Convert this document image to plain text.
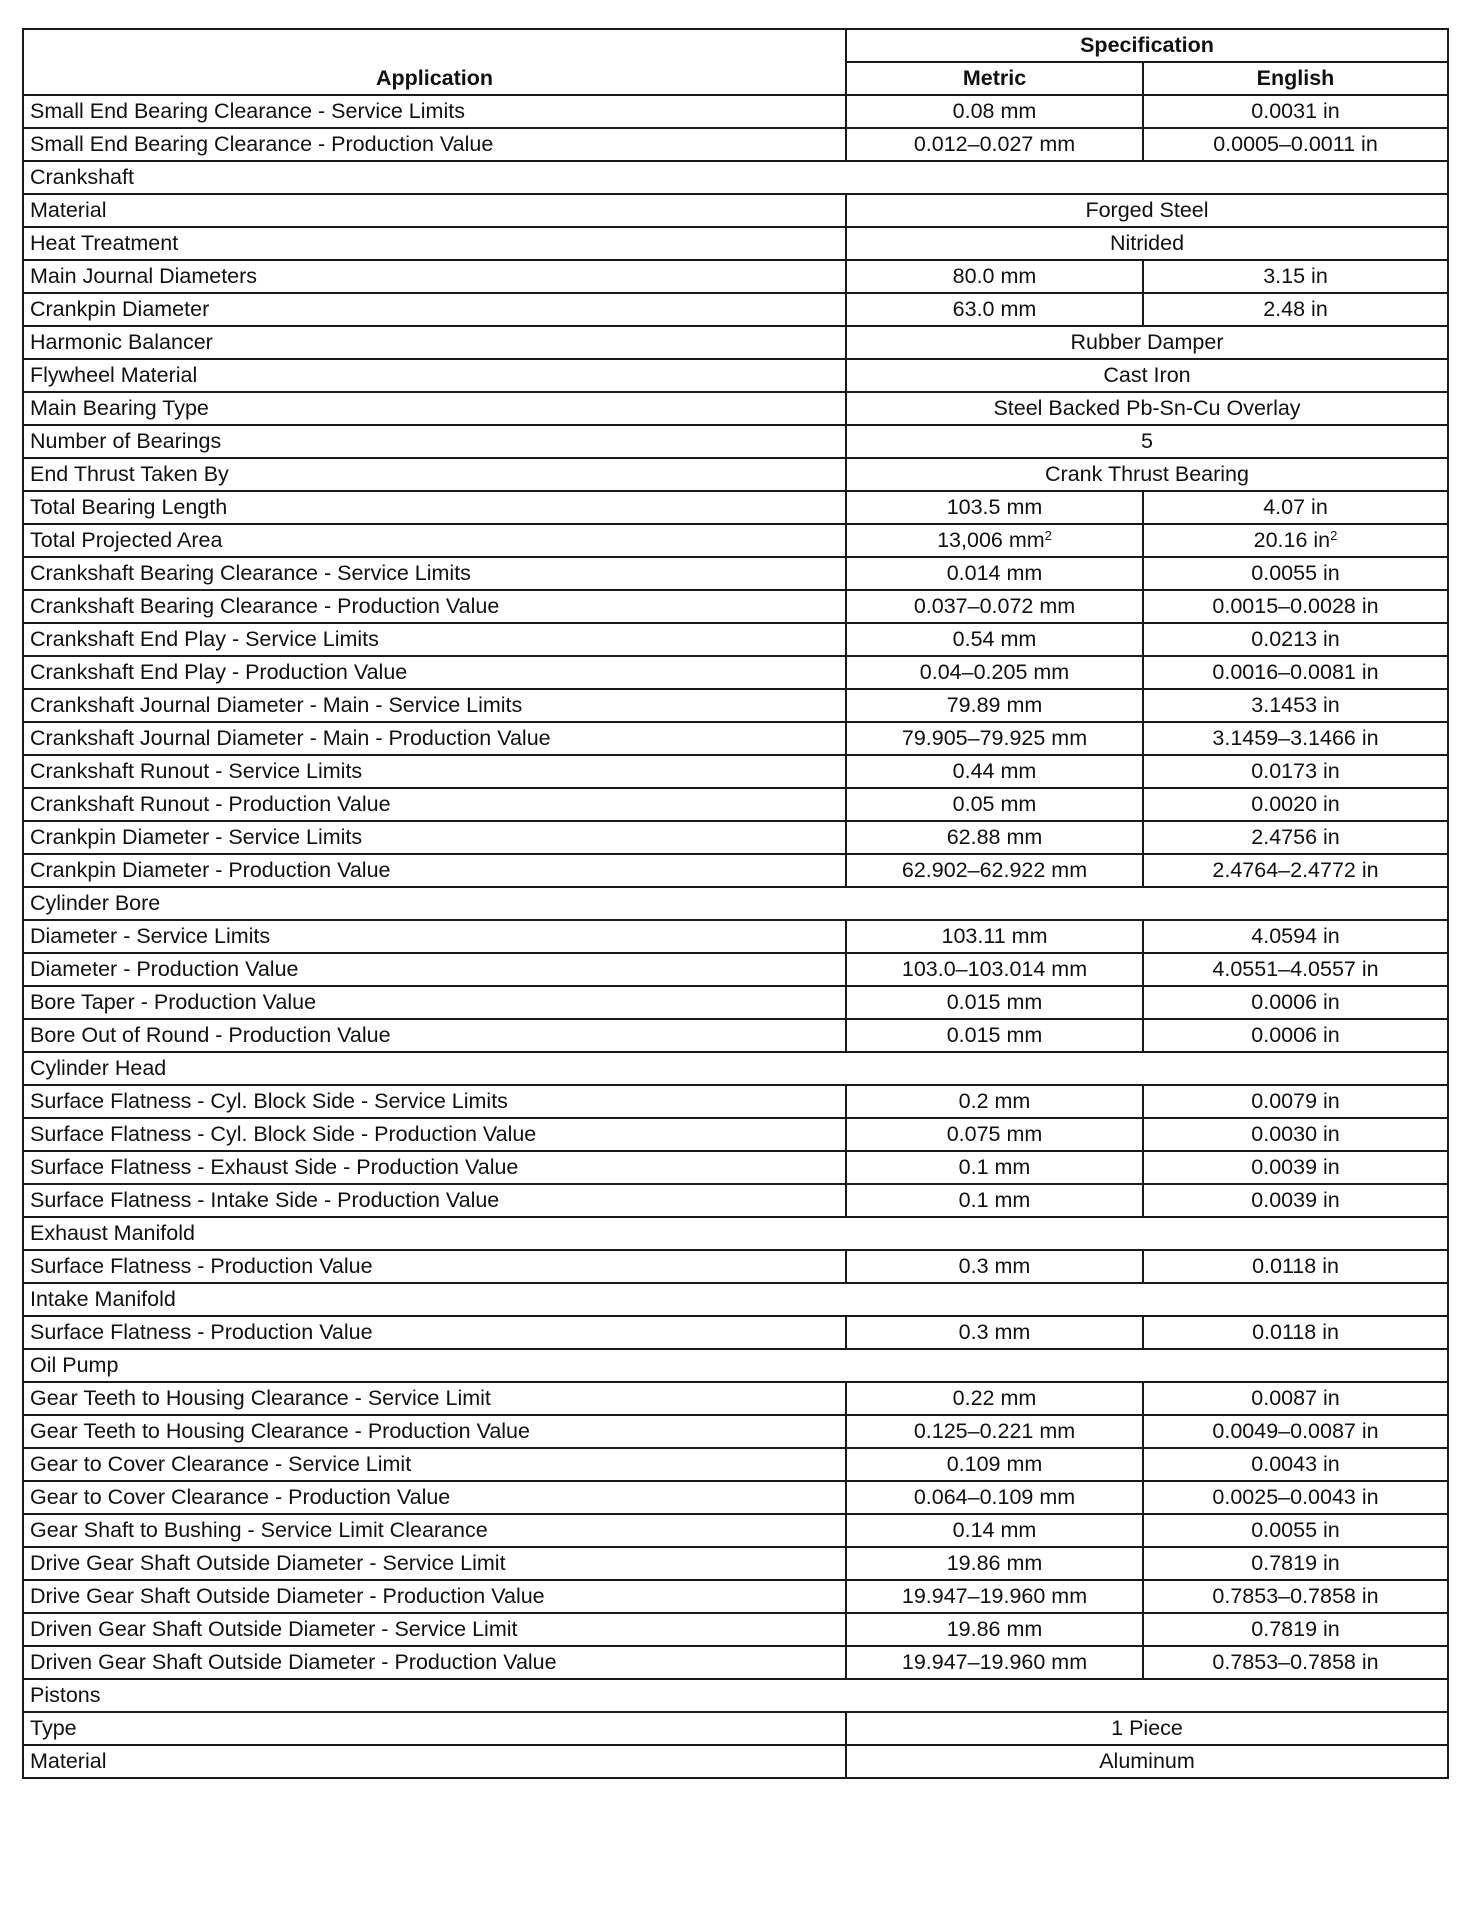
Application	Specification	
	Metric	English
Small End Bearing Clearance - Service Limits	0.08 mm	0.0031 in
Small End Bearing Clearance - Production Value	0.012–0.027 mm	0.0005–0.0011 in
Crankshaft		
Material	Forged Steel	
Heat Treatment	Nitrided	
Main Journal Diameters	80.0 mm	3.15 in
Crankpin Diameter	63.0 mm	2.48 in
Harmonic Balancer	Rubber Damper	
Flywheel Material	Cast Iron	
Main Bearing Type	Steel Backed Pb-Sn-Cu Overlay	
Number of Bearings	5	
End Thrust Taken By	Crank Thrust Bearing	
Total Bearing Length	103.5 mm	4.07 in
Total Projected Area	13,006 $mm^2$	20.16 $in^2$
Crankshaft Bearing Clearance - Service Limits	0.014 mm	0.0055 in
Crankshaft Bearing Clearance - Production Value	0.037–0.072 mm	0.0015–0.0028 in
Crankshaft End Play - Service Limits	0.54 mm	0.0213 in
Crankshaft End Play - Production Value	0.04–0.205 mm	0.0016–0.0081 in
Crankshaft Journal Diameter - Main - Service Limits	79.89 mm	3.1453 in
Crankshaft Journal Diameter - Main - Production Value	79.905–79.925 mm	3.1459–3.1466 in
Crankshaft Runout - Service Limits	0.44 mm	0.0173 in
Crankshaft Runout - Production Value	0.05 mm	0.0020 in
Crankpin Diameter - Service Limits	62.88 mm	2.4756 in
Crankpin Diameter - Production Value	62.902–62.922 mm	2.4764–2.4772 in
Cylinder Bore		
Diameter - Service Limits	103.11 mm	4.0594 in
Diameter - Production Value	103.0–103.014 mm	4.0551–4.0557 in
Bore Taper - Production Value	0.015 mm	0.0006 in
Bore Out of Round - Production Value	0.015 mm	0.0006 in
Cylinder Head		
Surface Flatness - Cyl. Block Side - Service Limits	0.2 mm	0.0079 in
Surface Flatness - Cyl. Block Side - Production Value	0.075 mm	0.0030 in
Surface Flatness - Exhaust Side - Production Value	0.1 mm	0.0039 in
Surface Flatness - Intake Side - Production Value	0.1 mm	0.0039 in
Exhaust Manifold		
Surface Flatness - Production Value	0.3 mm	0.0118 in
Intake Manifold		
Surface Flatness - Production Value	0.3 mm	0.0118 in
Oil Pump		
Gear Teeth to Housing Clearance - Service Limit	0.22 mm	0.0087 in
Gear Teeth to Housing Clearance - Production Value	0.125–0.221 mm	0.0049–0.0087 in
Gear to Cover Clearance - Service Limit	0.109 mm	0.0043 in
Gear to Cover Clearance - Production Value	0.064–0.109 mm	0.0025–0.0043 in
Gear Shaft to Bushing - Service Limit Clearance	0.14 mm	0.0055 in
Drive Gear Shaft Outside Diameter - Service Limit	19.86 mm	0.7819 in
Drive Gear Shaft Outside Diameter - Production Value	19.947–19.960 mm	0.7853–0.7858 in
Driven Gear Shaft Outside Diameter - Service Limit	19.86 mm	0.7819 in
Driven Gear Shaft Outside Diameter - Production Value	19.947–19.960 mm	0.7853–0.7858 in
Pistons		
Type	1 Piece	
Material	Aluminum	
